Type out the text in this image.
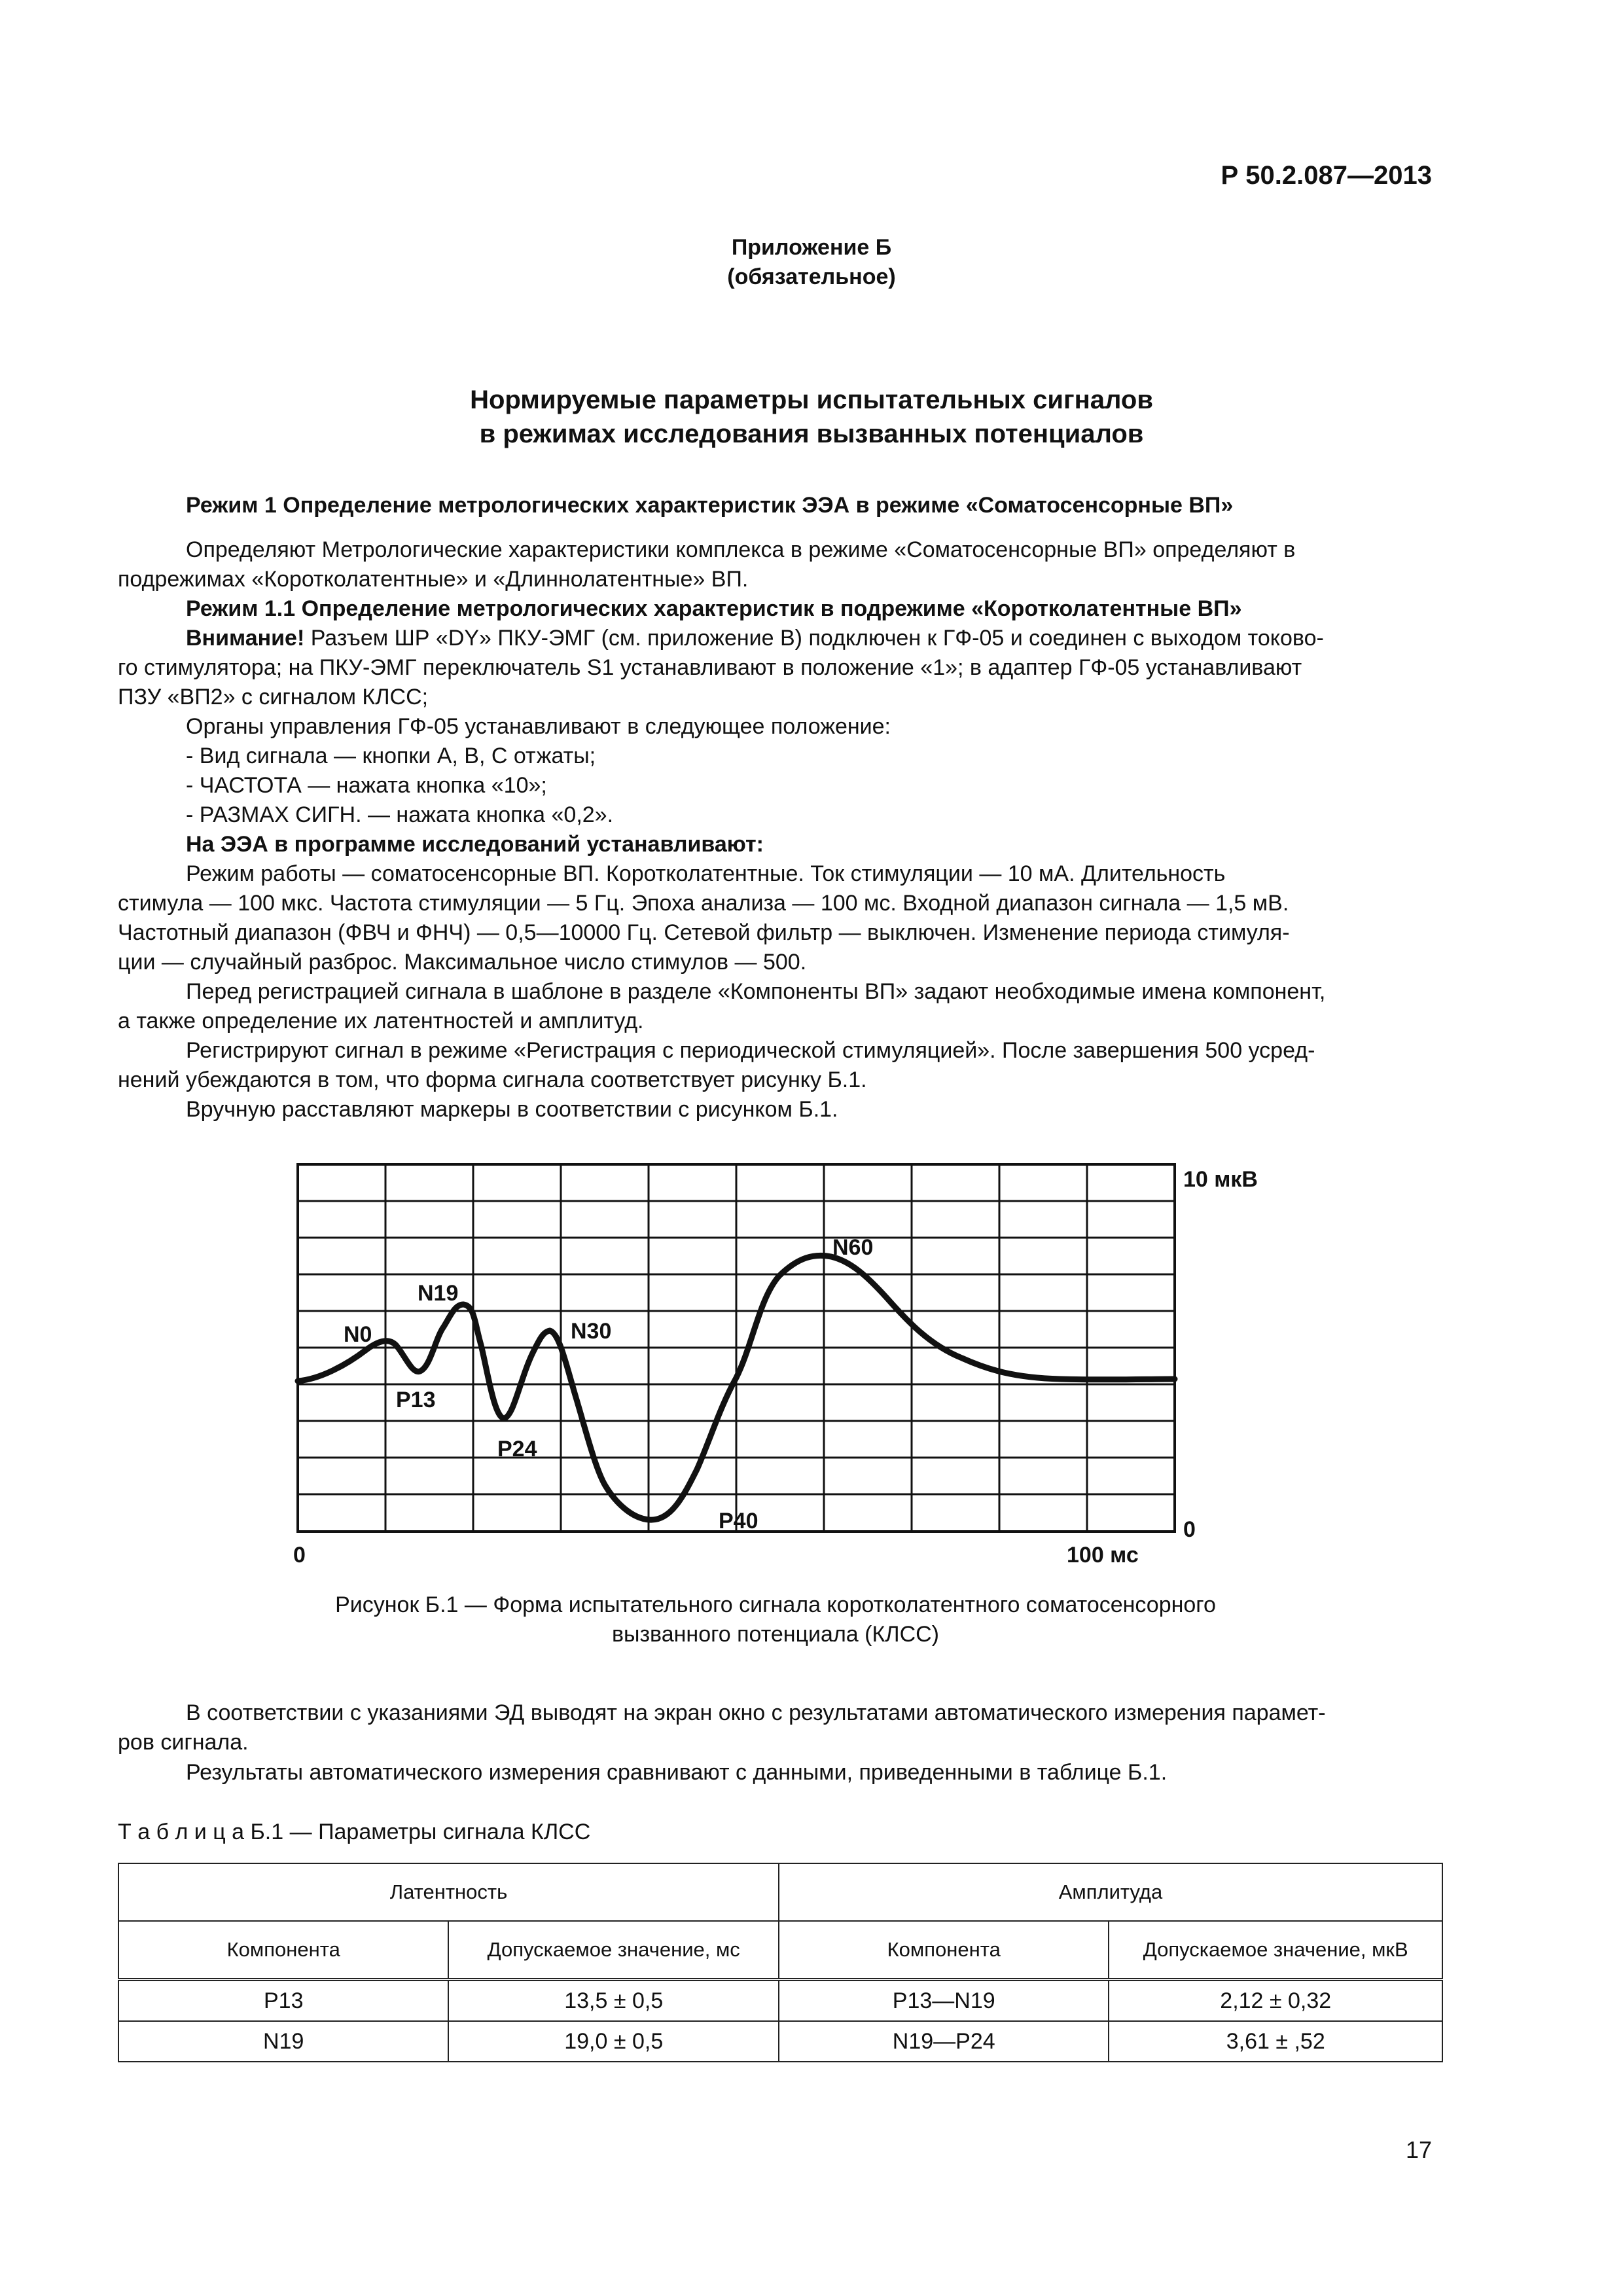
Р 50.2.087—2013
Приложение Б
(обязательное)
Нормируемые параметры испытательных сигналов
в режимах исследования вызванных потенциалов
Режим 1 Определение метрологических характеристик ЭЭА в режиме «Соматосенсорные ВП»

Определяют Метрологические характеристики комплекса в режиме «Соматосенсорные ВП» определяют в

подрежимах «Коротколатентные» и «Длиннолатентные» ВП.

Режим 1.1 Определение метрологических характеристик в подрежиме «Коротколатентные ВП»

Внимание! Разъем ШР «DY» ПКУ-ЭМГ (см. приложение В) подключен к ГФ-05 и соединен с выходом токово-

го стимулятора; на ПКУ-ЭМГ переключатель S1 устанавливают в положение «1»; в адаптер ГФ-05 устанавливают

ПЗУ «ВП2» с сигналом КЛСС;

Органы управления ГФ-05 устанавливают в следующее положение:

- Вид сигнала — кнопки A, B, C отжаты;

- ЧАСТОТА — нажата кнопка «10»;

- РАЗМАХ СИГН. — нажата кнопка «0,2».

На ЭЭА в программе исследований устанавливают:

Режим работы — соматосенсорные ВП. Коротколатентные. Ток стимуляции — 10 мА. Длительность

стимула — 100 мкс. Частота стимуляции — 5 Гц. Эпоха анализа — 100 мс. Входной диапазон сигнала — 1,5 мВ.

Частотный диапазон (ФВЧ и ФНЧ) — 0,5—10000 Гц. Сетевой фильтр — выключен. Изменение периода стимуля-

ции — случайный разброс. Максимальное число стимулов — 500.

Перед регистрацией сигнала в шаблоне в разделе «Компоненты ВП» задают необходимые имена компонент,

а также определение их латентностей и амплитуд.

Регистрируют сигнал в режиме «Регистрация с периодической стимуляцией». После завершения 500 усред-

нений убеждаются в том, что форма сигнала соответствует рисунку Б.1.

Вручную расставляют маркеры в соответствии с рисунком Б.1.
10 мкВ
0
0	100 мс
N0
P13
N19
P24
N30
P40
N60
Рисунок Б.1 — Форма испытательного сигнала коротколатентного соматосенсорного
вызванного потенциала (КЛСС)

В соответствии с указаниями ЭД выводят на экран окно с результатами автоматического измерения парамет-

ров сигнала.

Результаты автоматического измерения сравнивают с данными, приведенными в таблице Б.1.
Т а б л и ц а Б.1 — Параметры сигнала КЛСС
Латентность		Амплитуда	
Компонента	Допускаемое значение, мс	Компонента	Допускаемое значение, мкВ
P13	13,5 ± 0,5	P13—N19	2,12 ± 0,32
N19	19,0 ± 0,5	N19—P24	3,61 ± ,52
17
